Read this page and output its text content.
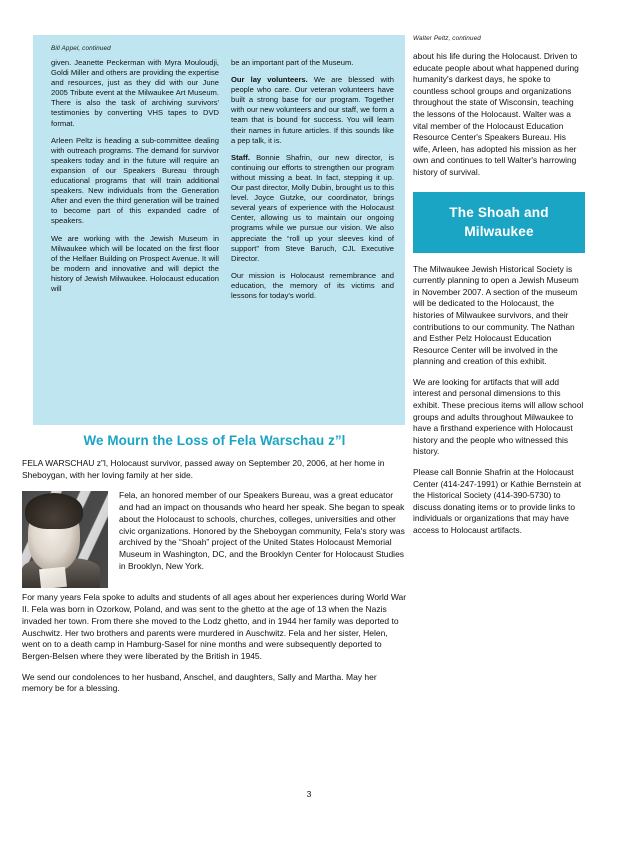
Bill Appel, continued

given. Jeanette Peckerman with Myra Mouloudji, Goldi Miller and others are providing the expertise and resources, just as they did with our June 2005 Tribute event at the Milwaukee Art Museum. There is also the task of archiving survivors' testimonies by converting VHS tapes to DVD format.

Arleen Peltz is heading a sub-committee dealing with outreach programs. The demand for survivor speakers today and in the future will require an expansion of our Speakers Bureau through educational programs that will train additional speakers. New individuals from the Generation After and even the third generation will be trained to become part of this expanded cadre of speakers.

We are working with the Jewish Museum in Milwaukee which will be located on the first floor of the Helfaer Building on Prospect Avenue. It will be modern and innovative and will depict the history of Jewish Milwaukee. Holocaust education will

be an important part of the Museum.

Our lay volunteers. We are blessed with people who care. Our veteran volunteers have built a strong base for our program. Together with our new volunteers and our staff, we form a team that is bound for success. You will learn their names in future articles. If this sounds like a pep talk, it is.

Staff. Bonnie Shafrin, our new director, is continuing our efforts to strengthen our program without missing a beat. In fact, stepping it up. Our past director, Molly Dubin, brought us to this level. Joyce Gutzke, our coordinator, brings several years of experience with the Holocaust Center, allowing us to maintain our ongoing programs while we pursue our vision. We also appreciate the “roll up your sleeves kind of support” from Steve Baruch, CJL Executive Director.

Our mission is Holocaust remembrance and education, the memory of its victims and lessons for today's world.

Walter Peltz, continued

about his life during the Holocaust. Driven to educate people about what happened during humanity's darkest days, he spoke to countless school groups and organizations throughout the state of Wisconsin, teaching the lessons of the Holocaust. Walter was a vital member of the Holocaust Education Resource Center's Speakers Bureau. His wife, Arleen, has adopted his mission as her own and continues to tell Walter's harrowing history of survival.

The Shoah and Milwaukee

The Milwaukee Jewish Historical Society is currently planning to open a Jewish Museum in November 2007. A section of the museum will be dedicated to the Holocaust, the histories of Milwaukee survivors, and their contributions to our community. The Nathan and Esther Pelz Holocaust Education Resource Center will be involved in the planning and creation of this exhibit.

We are looking for artifacts that will add interest and personal dimensions to this exhibit. These precious items will allow school groups and adults throughout Milwaukee to have a firsthand experience with Holocaust history and the people who witnessed this history.

Please call Bonnie Shafrin at the Holocaust Center (414-247-1991) or Kathie Bernstein at the Historical Society (414-390-5730) to discuss donating items or to provide links to individuals or organizations that may have access to Holocaust artifacts.

We Mourn the Loss of Fela Warschau z”l

FELA WARSCHAU z”l, Holocaust survivor, passed away on September 20, 2006, at her home in Sheboygan, with her loving family at her side.

Fela, an honored member of our Speakers Bureau, was a great educator and had an impact on thousands who heard her speak. She began to speak about the Holocaust to schools, churches, colleges, universities and other civic organizations. Honored by the Sheboygan community, Fela's story was archived by the “Shoah” project of the United States Holocaust Memorial Museum in Washington, DC, and the Brooklyn Center for Holocaust Studies in Brooklyn, New York.

For many years Fela spoke to adults and students of all ages about her experiences during World War II. Fela was born in Ozorkow, Poland, and was sent to the ghetto at the age of 13 when the Nazis invaded her town. From there she moved to the Lodz ghetto, and in 1944 her family was deported to Auschwitz. Her two brothers and parents were murdered in Auschwitz. Fela and her sister, Helen, went on to a death camp in Hamburg-Sasel for nine months and were subsequently deported to Bergen-Belsen where they were liberated by the British in 1945.

We send our condolences to her husband, Anschel, and daughters, Sally and Martha. May her memory be for a blessing.

3
